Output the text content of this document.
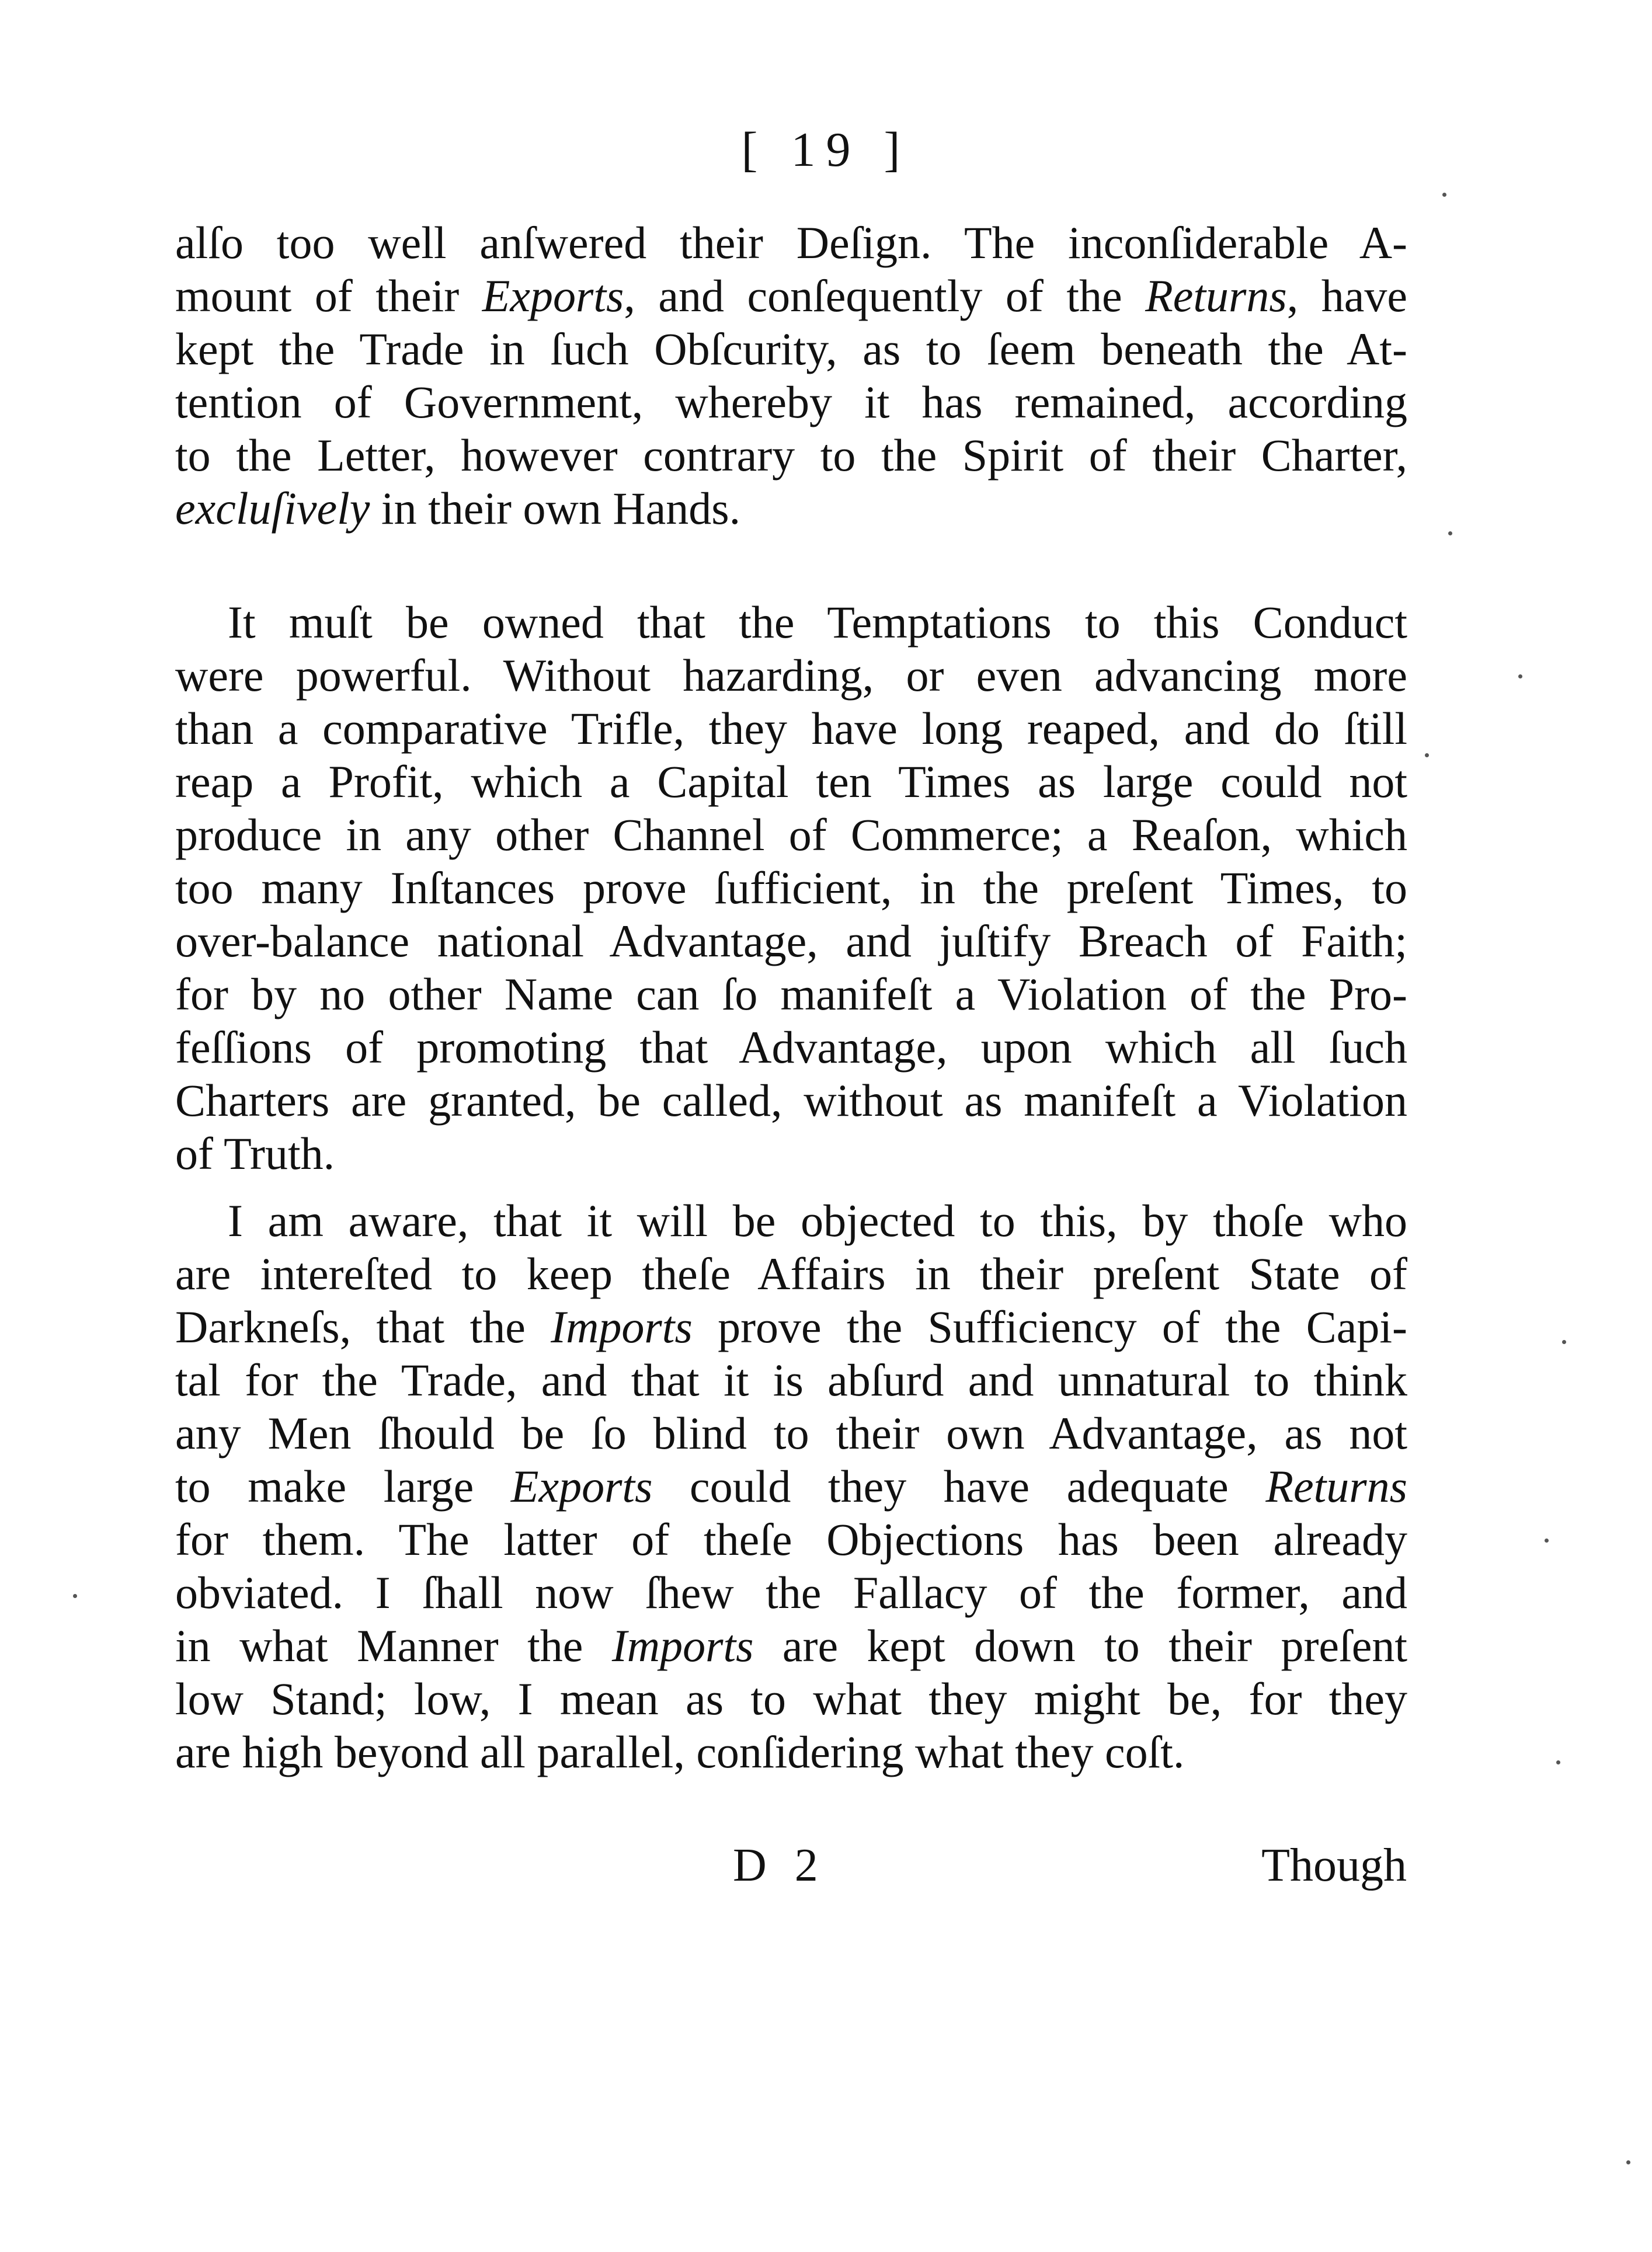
[ 19 ]
alſo too well anſwered their Deſign. The inconſiderable A-
mount of their Exports, and conſequently of the Returns, have
kept the Trade in ſuch Obſcurity, as to ſeem beneath the At-
tention of Government, whereby it has remained, according
to the Letter, however contrary to the Spirit of their Charter,
excluſively in their own Hands.
It muſt be owned that the Temptations to this Conduct
were powerful. Without hazarding, or even advancing more
than a comparative Trifle, they have long reaped, and do ſtill
reap a Profit, which a Capital ten Times as large could not
produce in any other Channel of Commerce; a Reaſon, which
too many Inſtances prove ſufficient, in the preſent Times, to
over-balance national Advantage, and juſtify Breach of Faith;
for by no other Name can ſo manifeſt a Violation of the Pro-
feſſions of promoting that Advantage, upon which all ſuch
Charters are granted, be called, without as manifeſt a Violation
of Truth.
I am aware, that it will be objected to this, by thoſe who
are intereſted to keep theſe Affairs in their preſent State of
Darkneſs, that the Imports prove the Sufficiency of the Capi-
tal for the Trade, and that it is abſurd and unnatural to think
any Men ſhould be ſo blind to their own Advantage, as not
to make large Exports could they have adequate Returns
for them. The latter of theſe Objections has been already
obviated. I ſhall now ſhew the Fallacy of the former, and
in what Manner the Imports are kept down to their preſent
low Stand; low, I mean as to what they might be, for they
are high beyond all parallel, conſidering what they coſt.
D 2	Though
